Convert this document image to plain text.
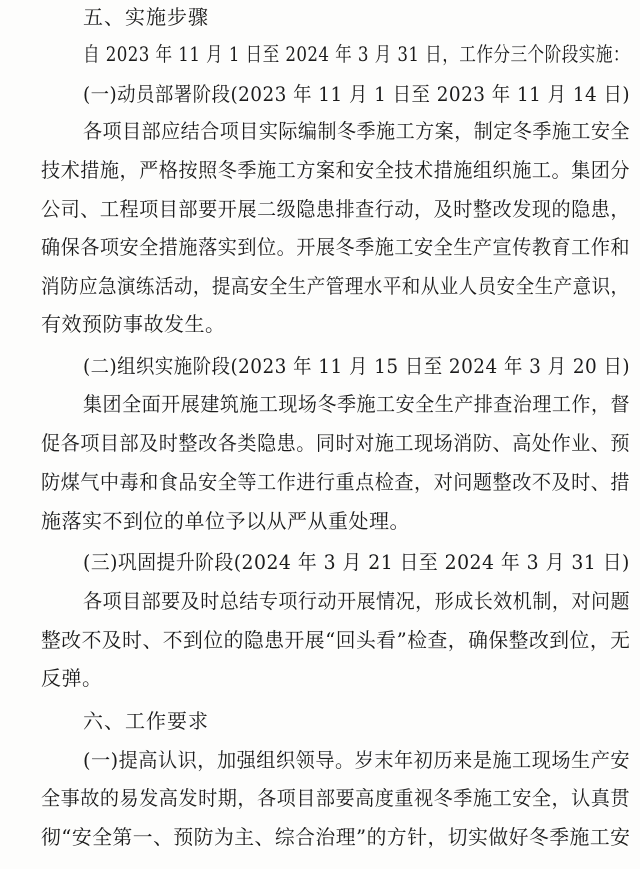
五、实施步骤
自 2023 年 11 月 1 日至 2024 年 3 月 31 日，工作分三个阶段实施：
(一)动员部署阶段(2023 年 11 月 1 日至 2023 年 11 月 14 日)
各项目部应结合项目实际编制冬季施工方案，制定冬季施工安全
技术措施，严格按照冬季施工方案和安全技术措施组织施工。集团分
公司、工程项目部要开展二级隐患排查行动，及时整改发现的隐患，
确保各项安全措施落实到位。开展冬季施工安全生产宣传教育工作和
消防应急演练活动，提高安全生产管理水平和从业人员安全生产意识，
有效预防事故发生。
(二)组织实施阶段(2023 年 11 月 15 日至 2024 年 3 月 20 日)
集团全面开展建筑施工现场冬季施工安全生产排查治理工作，督
促各项目部及时整改各类隐患。同时对施工现场消防、高处作业、预
防煤气中毒和食品安全等工作进行重点检查，对问题整改不及时、措
施落实不到位的单位予以从严从重处理。
(三)巩固提升阶段(2024 年 3 月 21 日至 2024 年 3 月 31 日)
各项目部要及时总结专项行动开展情况，形成长效机制，对问题
整改不及时、不到位的隐患开展“回头看”检查，确保整改到位，无
反弹。
六、工作要求
(一)提高认识，加强组织领导。岁末年初历来是施工现场生产安
全事故的易发高发时期，各项目部要高度重视冬季施工安全，认真贯
彻“安全第一、预防为主、综合治理”的方针，切实做好冬季施工安
